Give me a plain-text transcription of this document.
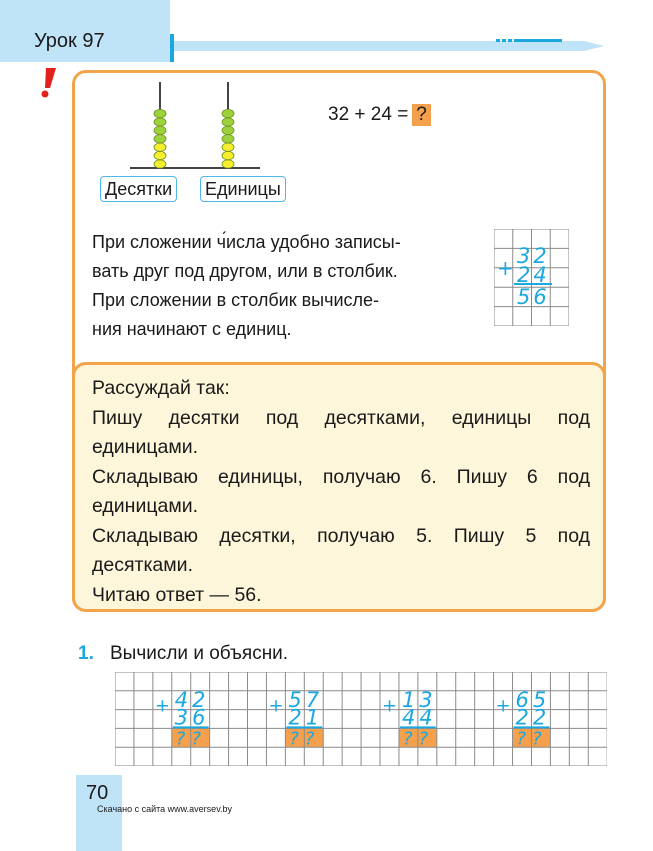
Урок 97
Десятки Единицы
32 + 24 = ?
При сложении ч́исла удобно записы-
вать друг под другом, или в столбик.
При сложении в столбик вычисле-
ния начинают с единиц.
+ 32
24
56

Рассуждай так:

Пишу десятки под десятками, единицы под единицами.

Складываю единицы, получаю 6. Пишу 6 под единицами.

Складываю десятки, получаю 5. Пишу 5 под десятками.

Читаю ответ — 56.

1. Вычисли и объясни.
+ 42
36
??
+ 57
21
??
+ 13
44
??
+ 65
22
??
70
Скачано с сайта www.aversev.by
